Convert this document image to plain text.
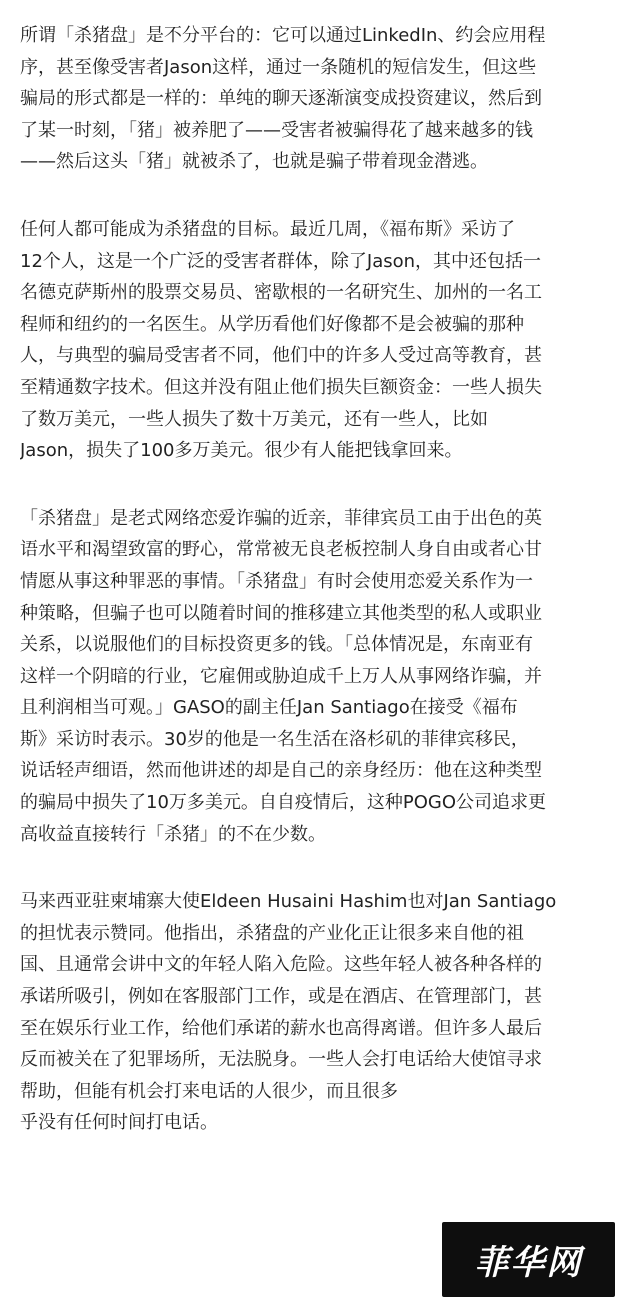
所谓「杀猪盘」是不分平台的：它可以通过LinkedIn、约会应用程
序，甚至像受害者Jason这样，通过一条随机的短信发生，但这些
骗局的形式都是一样的：单纯的聊天逐渐演变成投资建议，然后到
了某一时刻，「猪」被养肥了——受害者被骗得花了越来越多的钱
——然后这头「猪」就被杀了，也就是骗子带着现金潜逃。
任何人都可能成为杀猪盘的目标。最近几周，《福布斯》采访了
12个人，这是一个广泛的受害者群体，除了Jason，其中还包括一
名德克萨斯州的股票交易员、密歇根的一名研究生、加州的一名工
程师和纽约的一名医生。从学历看他们好像都不是会被骗的那种
人，与典型的骗局受害者不同，他们中的许多人受过高等教育，甚
至精通数字技术。但这并没有阻止他们损失巨额资金：一些人损失
了数万美元，一些人损失了数十万美元，还有一些人，比如
Jason，损失了100多万美元。很少有人能把钱拿回来。
「杀猪盘」是老式网络恋爱诈骗的近亲，菲律宾员工由于出色的英
语水平和渴望致富的野心，常常被无良老板控制人身自由或者心甘
情愿从事这种罪恶的事情。「杀猪盘」有时会使用恋爱关系作为一
种策略，但骗子也可以随着时间的推移建立其他类型的私人或职业
关系，以说服他们的目标投资更多的钱。「总体情况是，东南亚有
这样一个阴暗的行业，它雇佣或胁迫成千上万人从事网络诈骗，并
且利润相当可观。」GASO的副主任Jan Santiago在接受《福布
斯》采访时表示。30岁的他是一名生活在洛杉矶的菲律宾移民，
说话轻声细语，然而他讲述的却是自己的亲身经历：他在这种类型
的骗局中损失了10万多美元。自自疫情后，这种POGO公司追求更
高收益直接转行「杀猪」的不在少数。
马来西亚驻柬埔寨大使Eldeen Husaini Hashim也对Jan Santiago
的担忧表示赞同。他指出，杀猪盘的产业化正让很多来自他的祖
国、且通常会讲中文的年轻人陷入危险。这些年轻人被各种各样的
承诺所吸引，例如在客服部门工作，或是在酒店、在管理部门，甚
至在娱乐行业工作，给他们承诺的薪水也高得离谱。但许多人最后
反而被关在了犯罪场所，无法脱身。一些人会打电话给大使馆寻求
帮助，但能有机会打来电话的人很少，而且很多
乎没有任何时间打电话。
菲华网
